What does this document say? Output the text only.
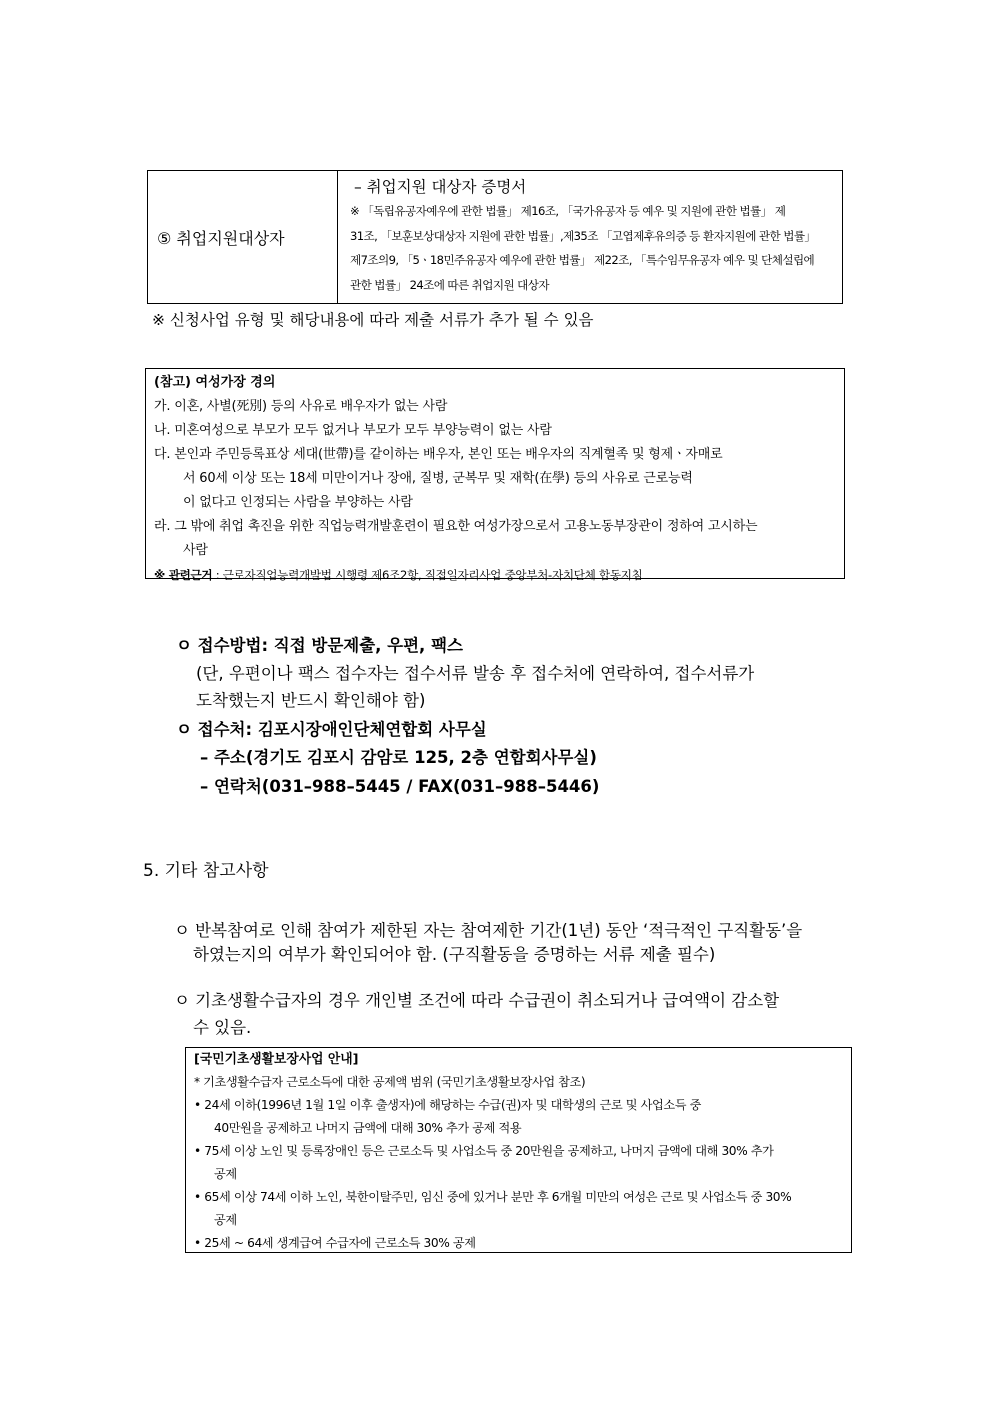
⑤ 취업지원대상자
– 취업지원 대상자 증명서
※ 「독립유공자예우에 관한 법률」 제16조, 「국가유공자 등 예우 및 지원에 관한 법률」 제
31조, 「보훈보상대상자 지원에 관한 법률」,제35조 「고엽제후유의증 등 환자지원에 관한 법률」
제7조의9, 「5ㆍ18민주유공자 예우에 관한 법률」 제22조, 「특수임무유공자 예우 및 단체설립에
관한 법률」 24조에 따른 취업지원 대상자
※ 신청사업 유형 및 해당내용에 따라 제출 서류가 추가 될 수 있음
(참고) 여성가장 경의
가. 이혼, 사별(死別) 등의 사유로 배우자가 없는 사람
나. 미혼여성으로 부모가 모두 없거나 부모가 모두 부양능력이 없는 사람
다. 본인과 주민등록표상 세대(世帶)를 같이하는 배우자, 본인 또는 배우자의 직계혈족 및 형제ㆍ자매로
서 60세 이상 또는 18세 미만이거나 장애, 질병, 군복무 및 재학(在學) 등의 사유로 근로능력
이 없다고 인정되는 사람을 부양하는 사람
라. 그 밖에 취업 촉진을 위한 직업능력개발훈련이 필요한 여성가장으로서 고용노동부장관이 정하여 고시하는
사람
※ 관련근거 : 근로자직업능력개발법 시행령 제6조2항, 직접일자리사업 중앙부처-자치단체 합동지침
ㅇ 접수방법: 직접 방문제출, 우편, 팩스
(단, 우편이나 팩스 접수자는 접수서류 발송 후 접수처에 연락하여, 접수서류가
도착했는지 반드시 확인해야 함)
ㅇ 접수처: 김포시장애인단체연합회 사무실
– 주소(경기도 김포시 감암로 125, 2층 연합회사무실)
– 연락처(031–988–5445 / FAX(031–988–5446)
5. 기타 참고사항
ㅇ 반복참여로 인해 참여가 제한된 자는 참여제한 기간(1년) 동안 ‘적극적인 구직활동’을
하였는지의 여부가 확인되어야 함. (구직활동을 증명하는 서류 제출 필수)
ㅇ 기초생활수급자의 경우 개인별 조건에 따라 수급권이 취소되거나 급여액이 감소할
수 있음.
[국민기초생활보장사업 안내]
* 기초생활수급자 근로소득에 대한 공제액 범위 (국민기초생활보장사업 참조)
• 24세 이하(1996년 1월 1일 이후 출생자)에 해당하는 수급(권)자 및 대학생의 근로 및 사업소득 중
40만원을 공제하고 나머지 금액에 대해 30% 추가 공제 적용
• 75세 이상 노인 및 등록장애인 등은 근로소득 및 사업소득 중 20만원을 공제하고, 나머지 금액에 대해 30% 추가
공제
• 65세 이상 74세 이하 노인, 북한이탈주민, 임신 중에 있거나 분만 후 6개월 미만의 여성은 근로 및 사업소득 중 30%
공제
• 25세 ~ 64세 생계급여 수급자에 근로소득 30% 공제
